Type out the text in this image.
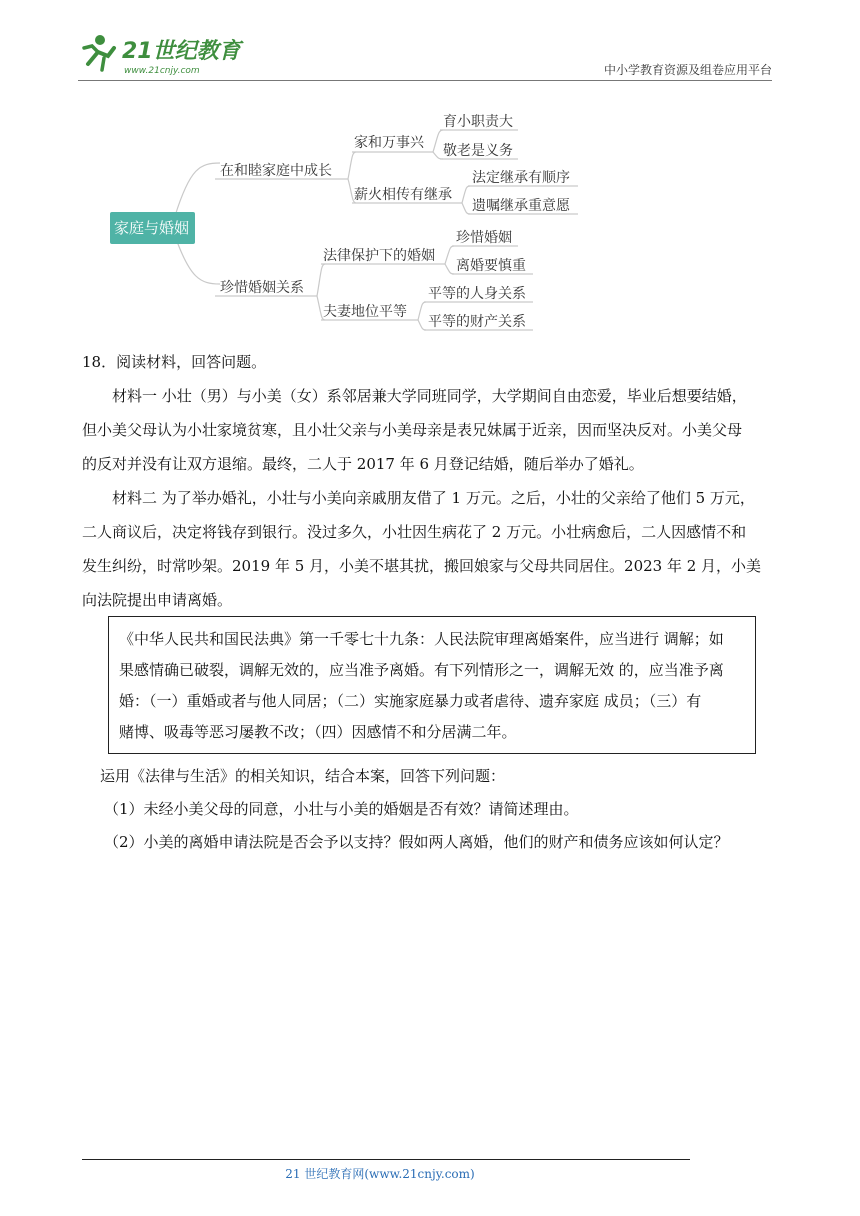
21世纪教育
www.21cnjy.com	中小学教育资源及组卷应用平台
家庭与婚姻
在和睦家庭中成长
珍惜婚姻关系
家和万事兴
薪火相传有继承
法律保护下的婚姻
夫妻地位平等
育小职责大
敬老是义务
法定继承有顺序
遗嘱继承重意愿
珍惜婚姻
离婚要慎重
平等的人身关系
平等的财产关系
18．阅读材料，回答问题。
材料一 小壮（男）与小美（女）系邻居兼大学同班同学，大学期间自由恋爱，毕业后想要结婚，
但小美父母认为小壮家境贫寒，且小壮父亲与小美母亲是表兄妹属于近亲，因而坚决反对。小美父母
的反对并没有让双方退缩。最终，二人于 2017 年 6 月登记结婚，随后举办了婚礼。
材料二 为了举办婚礼，小壮与小美向亲戚朋友借了 1 万元。之后，小壮的父亲给了他们 5 万元，
二人商议后，决定将钱存到银行。没过多久，小壮因生病花了 2 万元。小壮病愈后，二人因感情不和
发生纠纷，时常吵架。2019 年 5 月，小美不堪其扰，搬回娘家与父母共同居住。2023 年 2 月，小美
向法院提出申请离婚。
《中华人民共和国民法典》第一千零七十九条：人民法院审理离婚案件，应当进行 调解；如
果感情确已破裂，调解无效的，应当准予离婚。有下列情形之一，调解无效 的，应当准予离
婚：（一）重婚或者与他人同居；（二）实施家庭暴力或者虐待、遗弃家庭 成员；（三）有
赌博、吸毒等恶习屡教不改；（四）因感情不和分居满二年。
运用《法律与生活》的相关知识，结合本案，回答下列问题：
（1）未经小美父母的同意，小壮与小美的婚姻是否有效？请简述理由。
（2）小美的离婚申请法院是否会予以支持？假如两人离婚，他们的财产和债务应该如何认定？
21 世纪教育网(www.21cnjy.com)
